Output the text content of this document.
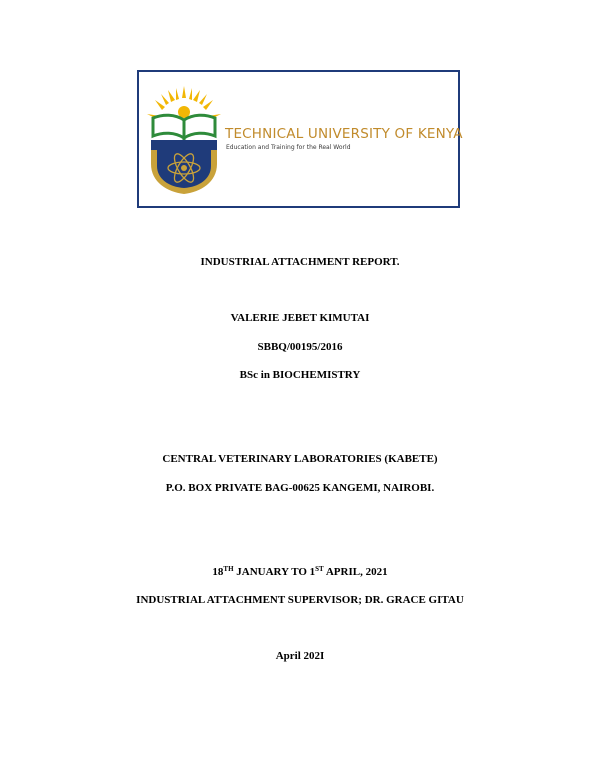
TECHNICAL UNIVERSITY OF KENYA
Education and Training for the Real World
INDUSTRIAL ATTACHMENT REPORT.
VALERIE JEBET KIMUTAI
SBBQ/00195/2016
BSc in BIOCHEMISTRY
CENTRAL VETERINARY LABORATORIES (KABETE)
P.O. BOX PRIVATE BAG-00625 KANGEMI, NAIROBI.
18TH JANUARY TO 1ST APRIL, 2021
INDUSTRIAL ATTACHMENT SUPERVISOR; DR. GRACE GITAU
April 202I
